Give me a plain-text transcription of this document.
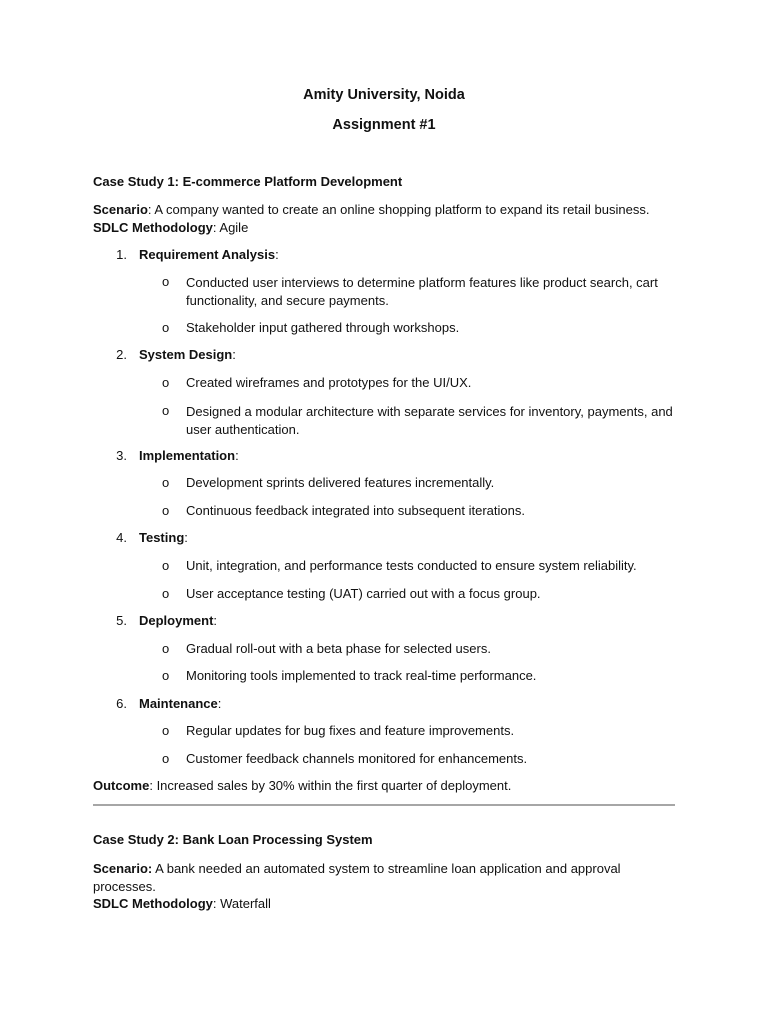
Amity University, Noida
Assignment #1
Case Study 1: E-commerce Platform Development
Scenario: A company wanted to create an online shopping platform to expand its retail business.
SDLC Methodology: Agile
1. Requirement Analysis:
o Conducted user interviews to determine platform features like product search, cart functionality, and secure payments.
o Stakeholder input gathered through workshops.
2. System Design:
o Created wireframes and prototypes for the UI/UX.
o Designed a modular architecture with separate services for inventory, payments, and user authentication.
3. Implementation:
o Development sprints delivered features incrementally.
o Continuous feedback integrated into subsequent iterations.
4. Testing:
o Unit, integration, and performance tests conducted to ensure system reliability.
o User acceptance testing (UAT) carried out with a focus group.
5. Deployment:
o Gradual roll-out with a beta phase for selected users.
o Monitoring tools implemented to track real-time performance.
6. Maintenance:
o Regular updates for bug fixes and feature improvements.
o Customer feedback channels monitored for enhancements.
Outcome: Increased sales by 30% within the first quarter of deployment.
Case Study 2: Bank Loan Processing System
Scenario: A bank needed an automated system to streamline loan application and approval processes.
SDLC Methodology: Waterfall
